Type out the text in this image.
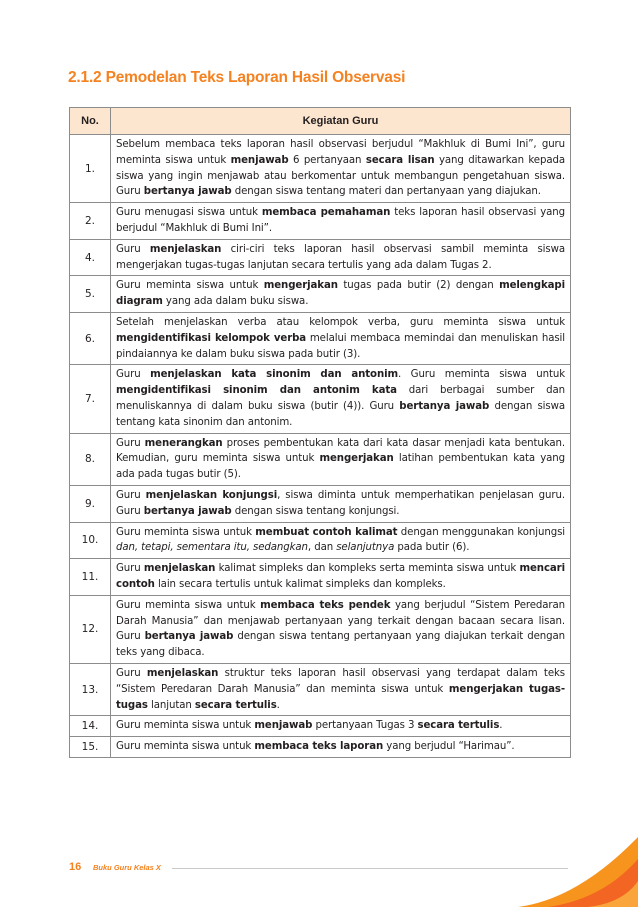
2.1.2 Pemodelan Teks Laporan Hasil Observasi
No.	Kegiatan Guru
1.	Sebelum membaca teks laporan hasil observasi berjudul “Makhluk di Bumi Ini”, guru meminta siswa untuk menjawab 6 pertanyaan secara lisan yang ditawarkan kepada siswa yang ingin menjawab atau berkomentar untuk membangun pengetahuan siswa. Guru bertanya jawab dengan siswa tentang materi dan pertanyaan yang diajukan.
2.	Guru menugasi siswa untuk membaca pemahaman teks laporan hasil observasi yang berjudul “Makhluk di Bumi Ini”.
4.	Guru menjelaskan ciri-ciri teks laporan hasil observasi sambil meminta siswa mengerjakan tugas-tugas lanjutan secara tertulis yang ada dalam Tugas 2.
5.	Guru meminta siswa untuk mengerjakan tugas pada butir (2) dengan melengkapi diagram yang ada dalam buku siswa.
6.	Setelah menjelaskan verba atau kelompok verba, guru meminta siswa untuk mengidentifikasi kelompok verba melalui membaca memindai dan menuliskan hasil pindaiannya ke dalam buku siswa pada butir (3).
7.	Guru menjelaskan kata sinonim dan antonim. Guru meminta siswa untuk mengidentifikasi sinonim dan antonim kata dari berbagai sumber dan menuliskannya di dalam buku siswa (butir (4)). Guru bertanya jawab dengan siswa tentang kata sinonim dan antonim.
8.	Guru menerangkan proses pembentukan kata dari kata dasar menjadi kata bentukan. Kemudian, guru meminta siswa untuk mengerjakan latihan pembentukan kata yang ada pada tugas butir (5).
9.	Guru menjelaskan konjungsi, siswa diminta untuk memperhatikan penjelasan guru. Guru bertanya jawab dengan siswa tentang konjungsi.
10.	Guru meminta siswa untuk membuat contoh kalimat dengan menggunakan konjungsi dan, tetapi, sementara itu, sedangkan, dan selanjutnya pada butir (6).
11.	Guru menjelaskan kalimat simpleks dan kompleks serta meminta siswa untuk mencari contoh lain secara tertulis untuk kalimat simpleks dan kompleks.
12.	Guru meminta siswa untuk membaca teks pendek yang berjudul “Sistem Peredaran Darah Manusia” dan menjawab pertanyaan yang terkait dengan bacaan secara lisan. Guru bertanya jawab dengan siswa tentang pertanyaan yang diajukan terkait dengan teks yang dibaca.
13.	Guru menjelaskan struktur teks laporan hasil observasi yang terdapat dalam teks “Sistem Peredaran Darah Manusia” dan meminta siswa untuk mengerjakan tugas-tugas lanjutan secara tertulis.
14.	Guru meminta siswa untuk menjawab pertanyaan Tugas 3 secara tertulis.
15.	Guru meminta siswa untuk membaca teks laporan yang berjudul “Harimau”.
16 Buku Guru Kelas X
